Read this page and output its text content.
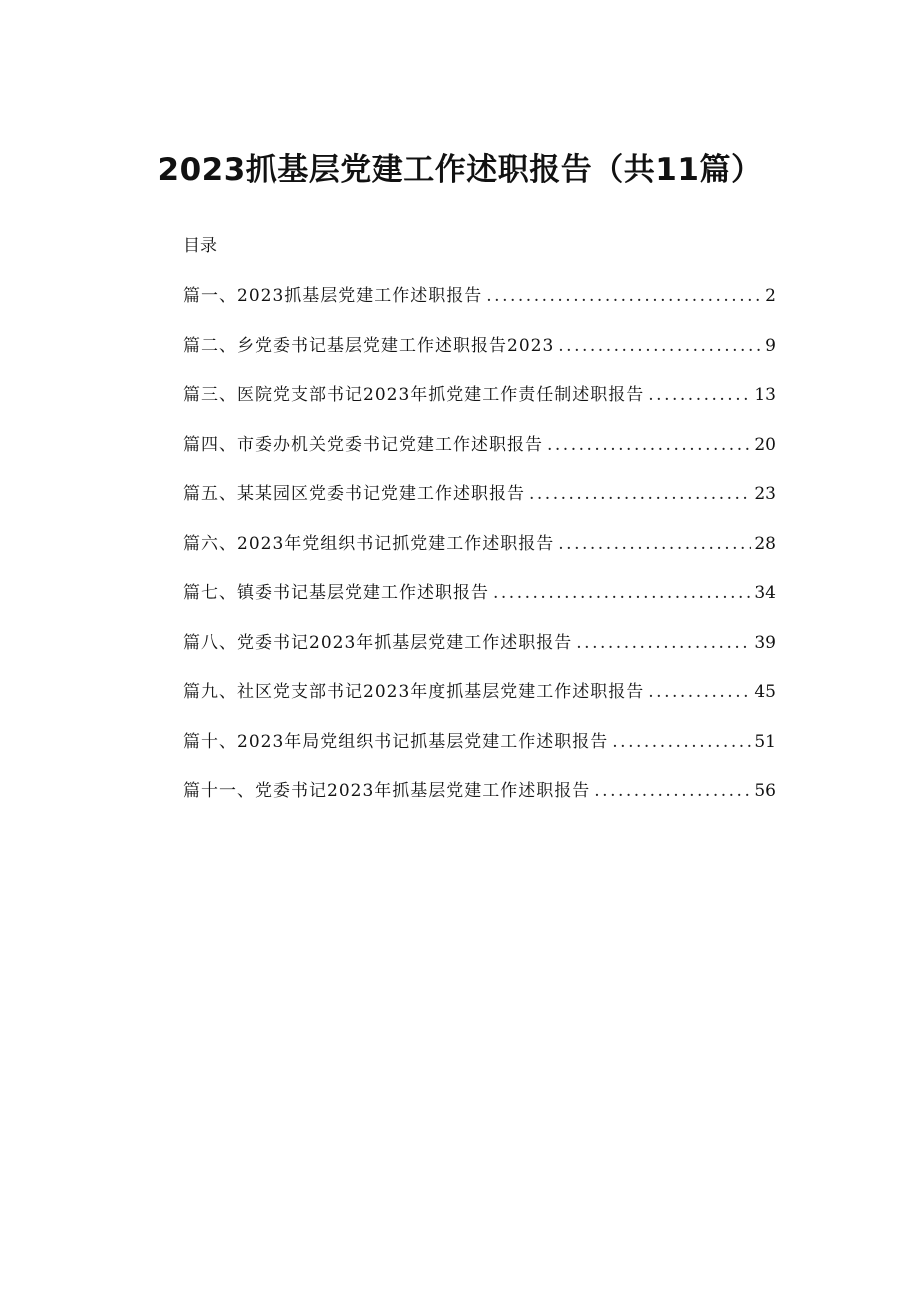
2023抓基层党建工作述职报告（共11篇）
目录
篇一、2023抓基层党建工作述职报告 .....	2
篇二、乡党委书记基层党建工作述职报告2023 .....	9
篇三、医院党支部书记2023年抓党建工作责任制述职报告 .....	13
篇四、市委办机关党委书记党建工作述职报告 .....	20
篇五、某某园区党委书记党建工作述职报告 .....	23
篇六、2023年党组织书记抓党建工作述职报告 .....	28
篇七、镇委书记基层党建工作述职报告 .....	34
篇八、党委书记2023年抓基层党建工作述职报告 .....	39
篇九、社区党支部书记2023年度抓基层党建工作述职报告 .....	45
篇十、2023年局党组织书记抓基层党建工作述职报告 .....	51
篇十一、党委书记2023年抓基层党建工作述职报告 .....	56
